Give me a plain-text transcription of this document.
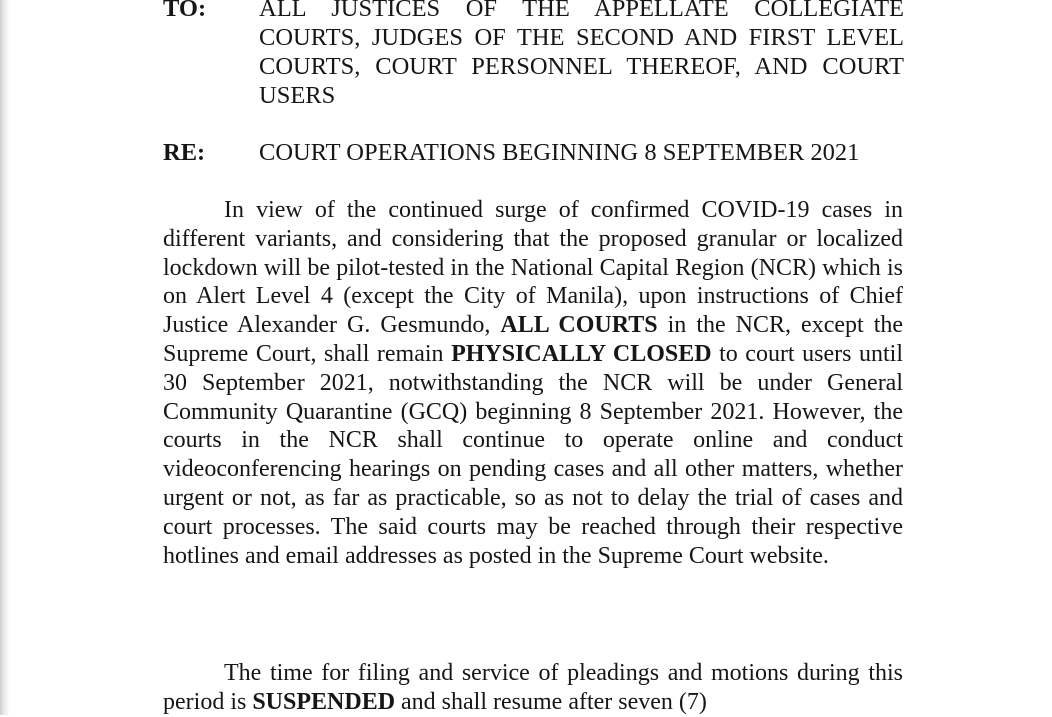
TO: ALL JUSTICES OF THE APPELLATE COLLEGIATE COURTS, JUDGES OF THE SECOND AND FIRST LEVEL COURTS, COURT PERSONNEL THEREOF, AND COURT USERS
RE: COURT OPERATIONS BEGINNING 8 SEPTEMBER 2021

In view of the continued surge of confirmed COVID-19 cases in different variants, and considering that the proposed granular or localized lockdown will be pilot-tested in the National Capital Region (NCR) which is on Alert Level 4 (except the City of Manila), upon instructions of Chief Justice Alexander G. Gesmundo, ALL COURTS in the NCR, except the Supreme Court, shall remain PHYSICALLY CLOSED to court users until 30 September 2021, notwithstanding the NCR will be under General Community Quarantine (GCQ) beginning 8 September 2021. However, the courts in the NCR shall continue to operate online and conduct videoconferencing hearings on pending cases and all other matters, whether urgent or not, as far as practicable, so as not to delay the trial of cases and court processes. The said courts may be reached through their respective hotlines and email addresses as posted in the Supreme Court website.

The time for filing and service of pleadings and motions during this period is SUSPENDED and shall resume after seven (7)
